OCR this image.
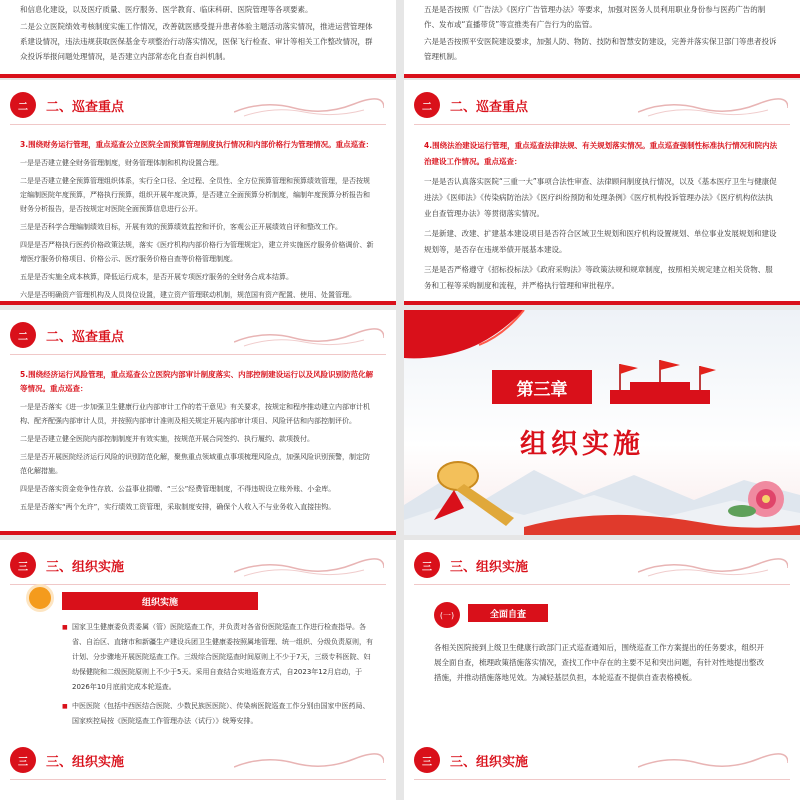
和信息化建设，以及医疗质量、医疗服务、医学教育、临床科研、医院管理等各项要素。

二是公立医院绩效考核制度实施工作情况，改善就医感受提升患者体验主题活动落实情况，推进运营管理体系建设情况，违法违规获取医保基金专项整治行动落实情况，医保飞行检查、审计等相关工作整改情况，群众投诉举报问题处理情况，是否建立内部常态化自查自纠机制。

五是是否按照《广告法》《医疗广告管理办法》等要求，加强对医务人员利用职业身份参与医药广告的制作、发布或“直播带货”等宣推类有广告行为的监管。

六是是否按照平安医院建设要求，加强人防、物防、技防和智慧安防建设，完善并落实保卫部门等患者投诉管理机制。

二	二、巡查重点
3.围绕财务运行管理，重点巡查公立医院全面预算管理制度执行情况和内部价格行为管理情况。重点巡查：

一是是否建立健全财务管理制度，财务管理体制和机构设置合理。

二是是否建立健全预算管理组织体系，实行全口径、全过程、全员性、全方位预算管理和预算绩效管理，是否按规定编制医院年度预算，严格执行预算，组织开展年度决算，是否建立全面预算分析制度，编制年度预算分析报告和财务分析报告，是否按规定对医院全面预算信息进行公开。

三是是否科学合理编制绩效目标，开展有效的预算绩效监控和评价，客观公正开展绩效自评和整改工作。

四是是否严格执行医药价格政策法规，落实《医疗机构内部价格行为管理规定》，建立并实施医疗服务价格调价、新增医疗服务价格项目、价格公示、医疗服务价格自查等价格管理制度。

五是是否实施全成本核算，降低运行成本，是否开展专项医疗服务的全财务合成本结算。

六是是否明确资产管理机构及人员岗位设置，建立资产管理联动机制，规范国有资产配置、使用、处置管理。

二	二、巡查重点
4.围绕法治建设运行管理，重点巡查法律法规、有关规划落实情况。重点巡查强制性标准执行情况和院内法治建设工作情况。重点巡查：

一是是否认真落实医院“三重一大”事项合法性审查、法律顾问制度执行情况，以及《基本医疗卫生与健康促进法》《医师法》《传染病防治法》《医疗纠纷预防和处理条例》《医疗机构投诉管理办法》《医疗机构依法执业自查管理办法》等贯彻落实情况。

二是新建、改建、扩建基本建设项目是否符合区域卫生规划和医疗机构设置规划、单位事业发展规划和建设规划等，是否存在违规举债开展基本建设。

三是是否严格遵守《招标投标法》《政府采购法》等政策法规和规章制度，按照相关规定建立相关货物、服务和工程等采购制度和流程，并严格执行管理和审批程序。

二	二、巡查重点
5.围绕经济运行风险管理，重点巡查公立医院内部审计制度落实、内部控制建设运行以及风险识别防范化解等情况。重点巡查：

一是是否落实《进一步加强卫生健康行业内部审计工作的若干意见》有关要求，按规定和程序推动建立内部审计机构、配齐配强内部审计人员，并按照内部审计准则及相关规定开展内部审计项目、风险评估和内部控制评价。

二是是否建立健全医院内部控制制度并有效实施，按规范开展合同签约、执行履约、款项拨付。

三是是否开展医院经济运行风险的识别防范化解，聚焦重点领域重点事项梳理风险点，加强风险识别预警，制定防范化解措施。

四是是否落实资金竞争性存放、公益事业捐赠、“三公”经费管理制度，不得违规设立账外账、小金库。

五是是否落实“两个允许”，实行绩效工资管理，采取制度安排，确保个人收入不与业务收入直接挂钩。

第三章
组织实施
三	三、组织实施
组织实施
■ 国家卫生健康委负责委属（管）医院巡查工作，并负责对各省份医院巡查工作进行检查指导。各省、自治区、直辖市和新疆生产建设兵团卫生健康委按照属地管理、统一组织、分级负责原则，有计划、分步骤地开展医院巡查工作。三级综合医院巡查时间原则上不少于7天，三级专科医院、妇幼保健院和二级医院原则上不少于5天。采用自查结合实地巡查方式，自2023年12月启动，于2026年10月底前完成本轮巡查。
■ 中医医院（包括中西医结合医院、少数民族医医院）、传染病医院巡查工作分别由国家中医药局、国家疾控局按《医院巡查工作管理办法（试行）》统筹安排。
三	三、组织实施
(一)	全面自查
各相关医院接到上级卫生健康行政部门正式巡查通知后，围绕巡查工作方案提出的任务要求，组织开展全面自查，梳理政策措施落实情况，查找工作中存在的主要不足和突出问题，有针对性地提出整改措施，并推动措施落地见效。为减轻基层负担，本轮巡查不提供自查表格模板。
三	三、组织实施	三	三、组织实施
